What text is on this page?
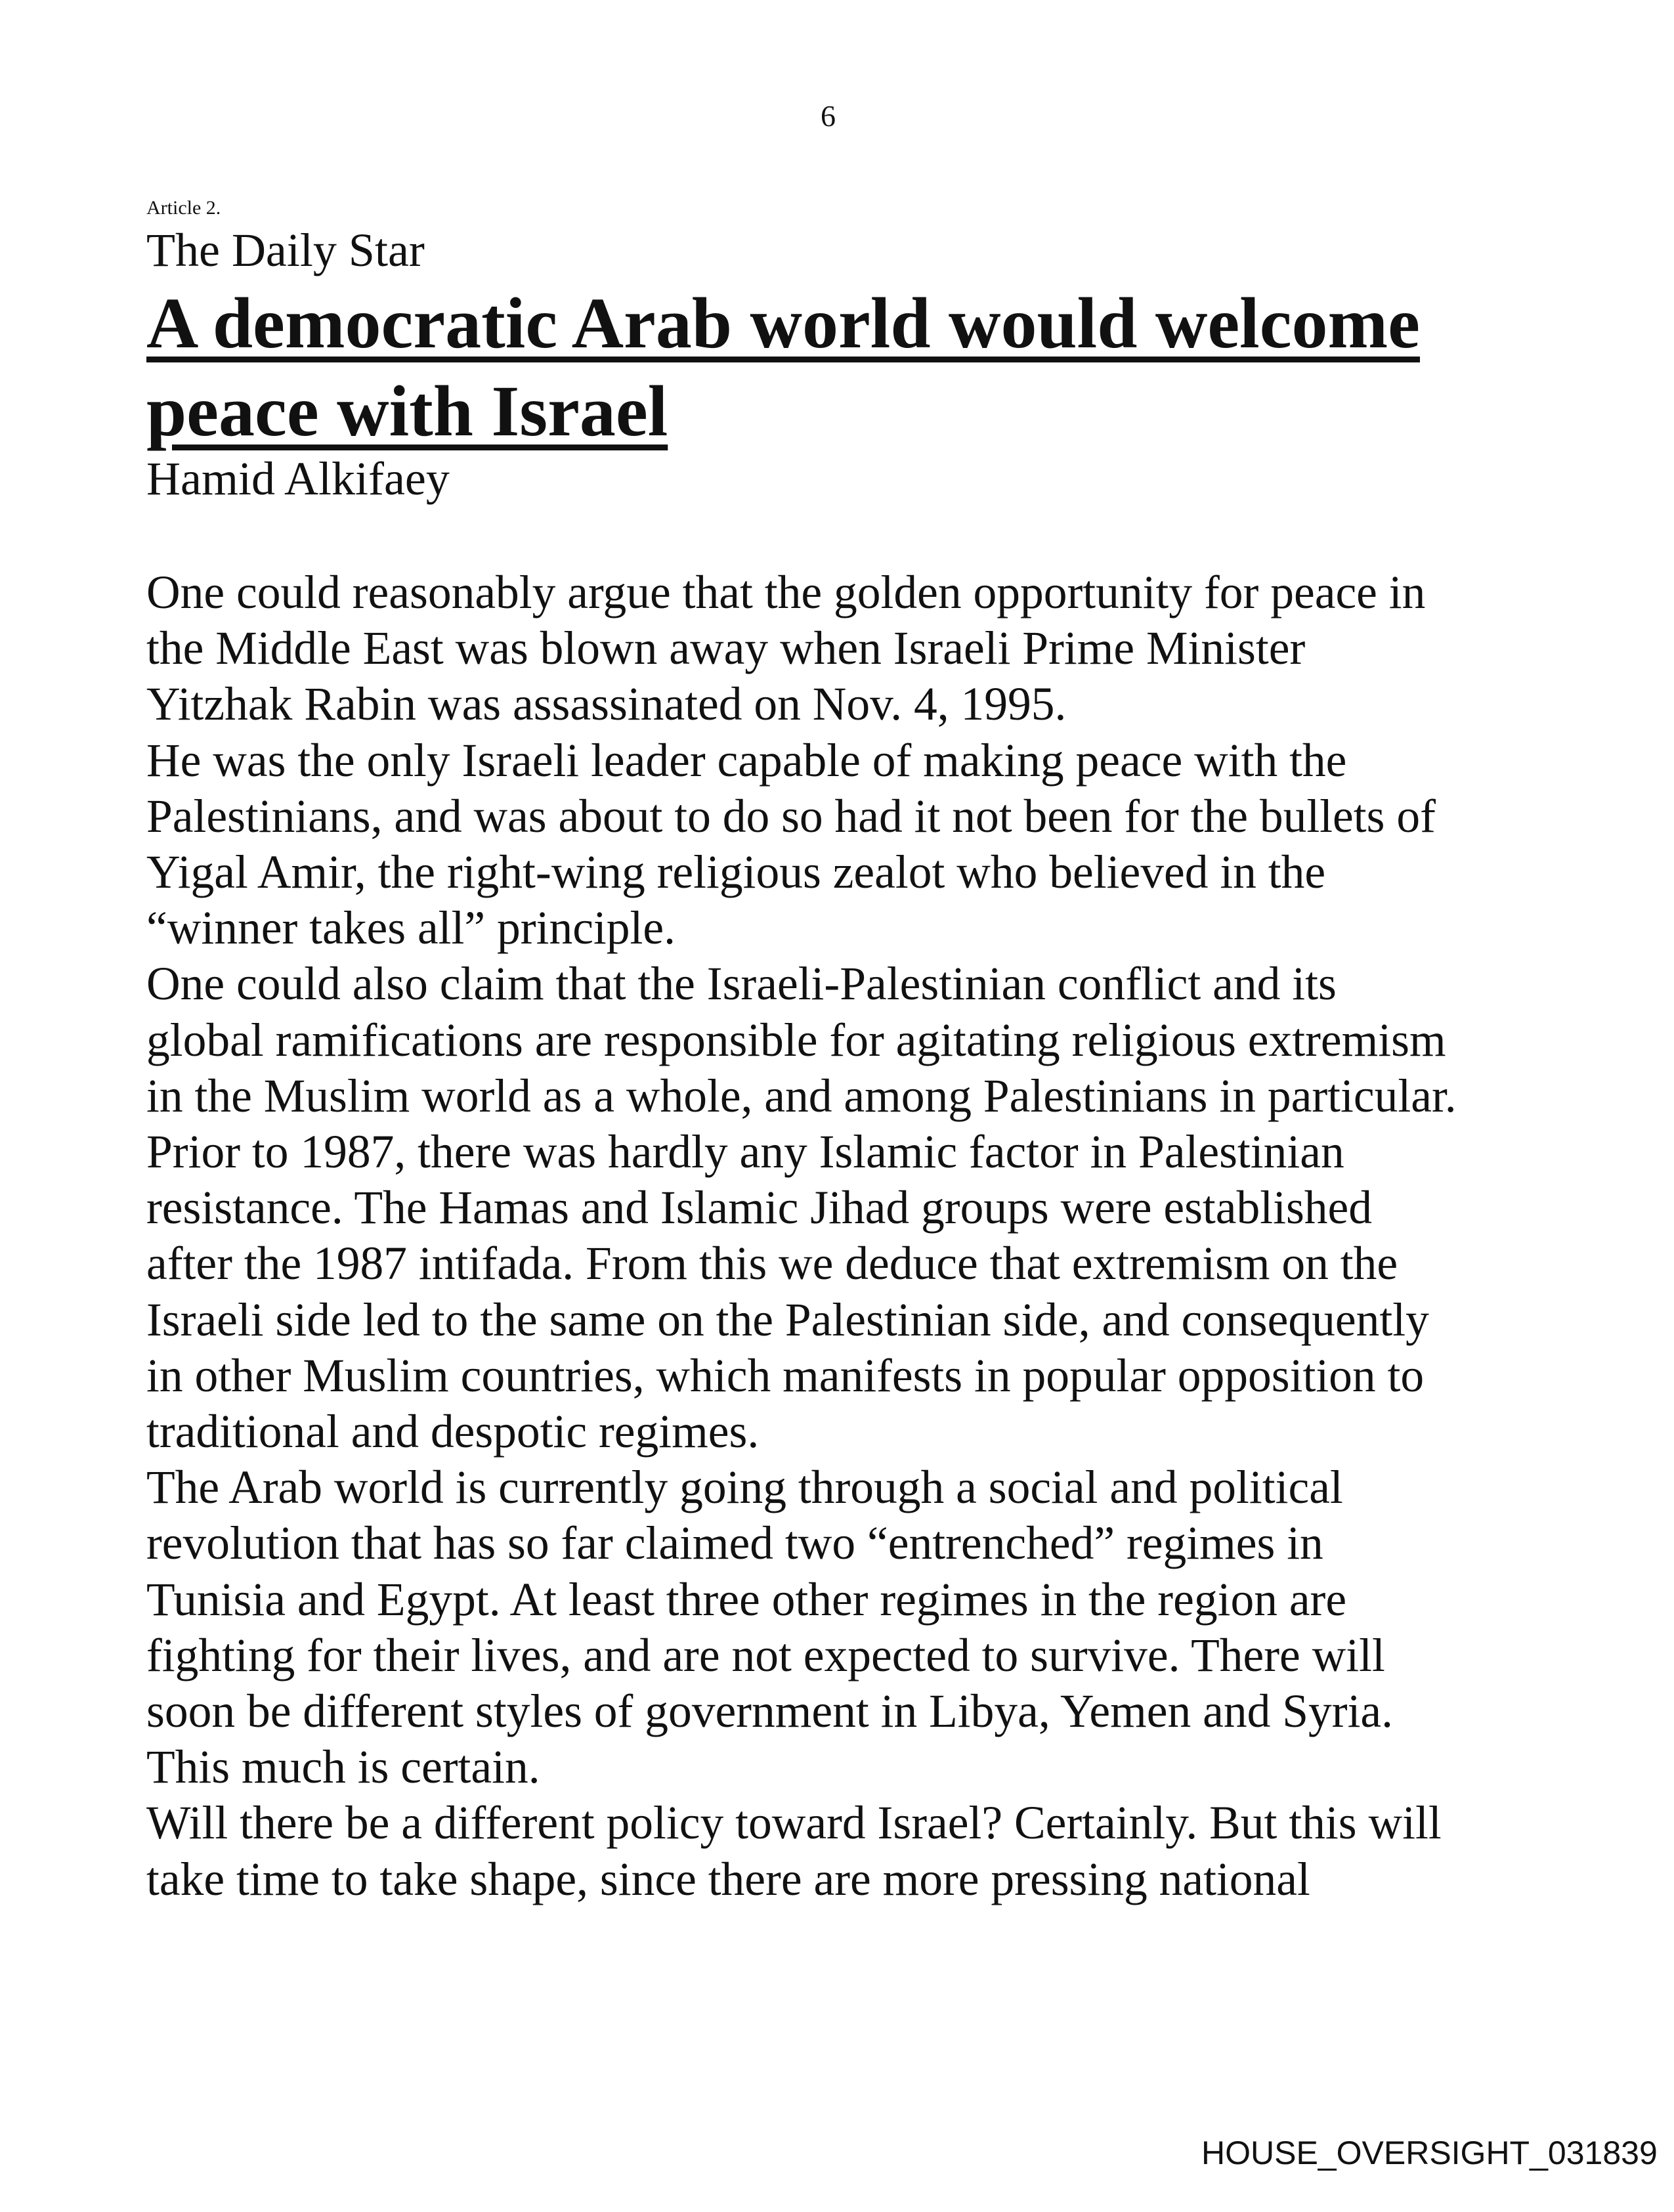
6
Article 2.
The Daily Star
A democratic Arab world would welcome
peace with Israel
Hamid Alkifaey
One could reasonably argue that the golden opportunity for peace in
the Middle East was blown away when Israeli Prime Minister
Yitzhak Rabin was assassinated on Nov. 4, 1995.
He was the only Israeli leader capable of making peace with the
Palestinians, and was about to do so had it not been for the bullets of
Yigal Amir, the right-wing religious zealot who believed in the
“winner takes all” principle.
One could also claim that the Israeli-Palestinian conflict and its
global ramifications are responsible for agitating religious extremism
in the Muslim world as a whole, and among Palestinians in particular.
Prior to 1987, there was hardly any Islamic factor in Palestinian
resistance. The Hamas and Islamic Jihad groups were established
after the 1987 intifada. From this we deduce that extremism on the
Israeli side led to the same on the Palestinian side, and consequently
in other Muslim countries, which manifests in popular opposition to
traditional and despotic regimes.
The Arab world is currently going through a social and political
revolution that has so far claimed two “entrenched” regimes in
Tunisia and Egypt. At least three other regimes in the region are
fighting for their lives, and are not expected to survive. There will
soon be different styles of government in Libya, Yemen and Syria.
This much is certain.
Will there be a different policy toward Israel? Certainly. But this will
take time to take shape, since there are more pressing national
HOUSE_OVERSIGHT_031839
